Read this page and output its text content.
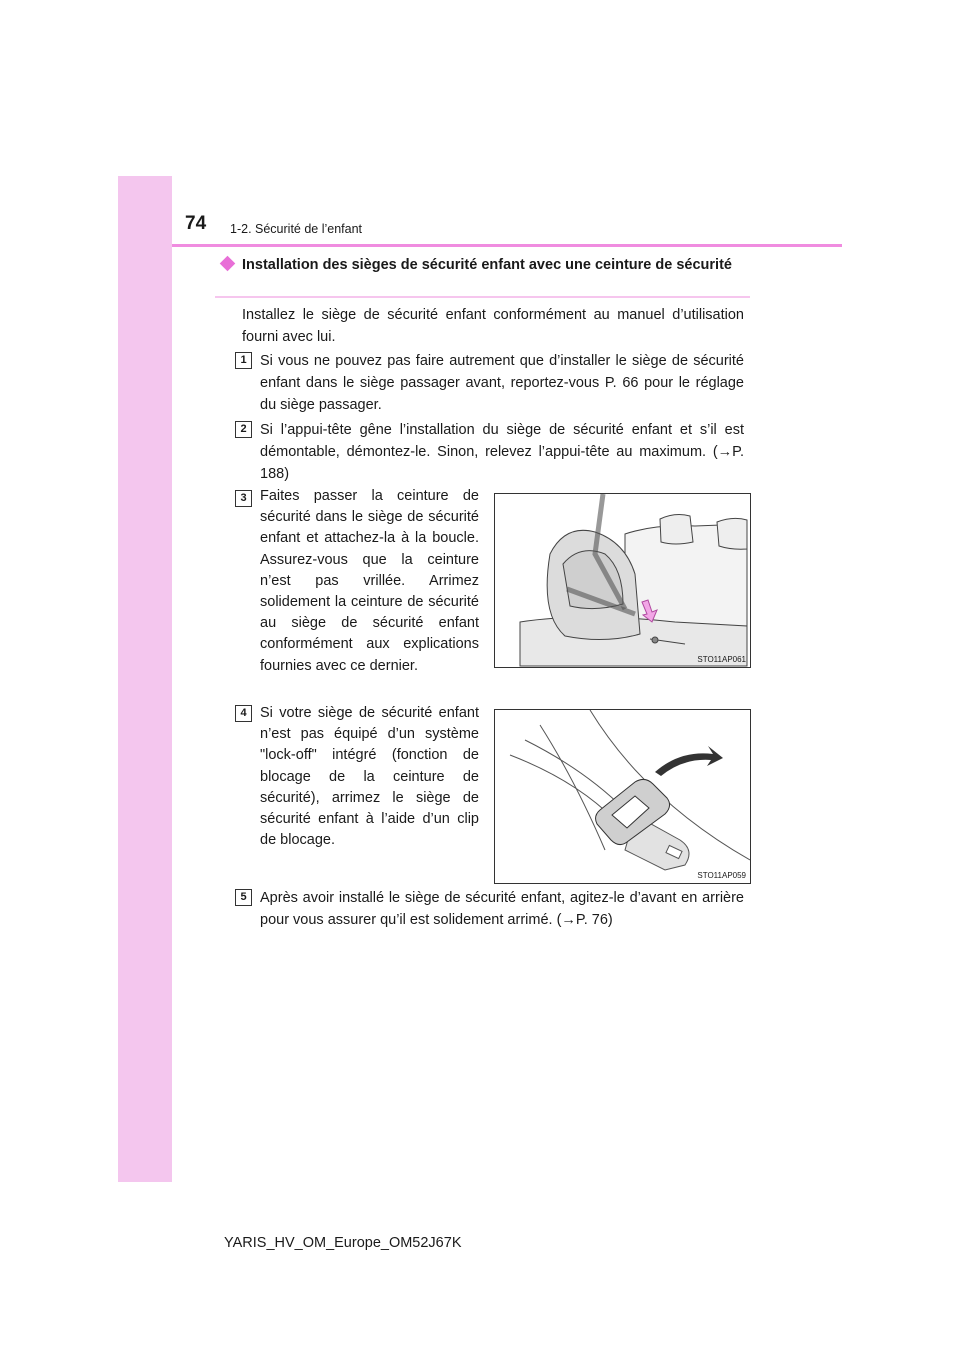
74 1-2. Sécurité de l’enfant
Installation des sièges de sécurité enfant avec une ceinture de sécurité
Installez le siège de sécurité enfant conformément au manuel d’utilisation fourni avec lui.
1 Si vous ne pouvez pas faire autrement que d’installer le siège de sécurité enfant dans le siège passager avant, reportez-vous P. 66 pour le réglage du siège passager.
2 Si l’appui-tête gêne l’installation du siège de sécurité enfant et s’il est démontable, démontez-le. Sinon, relevez l’appui-tête au maximum. (→P. 188)
3 Faites passer la ceinture de sécurité dans le siège de sécurité enfant et attachez-la à la boucle. Assurez-vous que la ceinture n’est pas vrillée. Arrimez solidement la ceinture de sécurité au siège de sécurité enfant conformément aux explications fournies avec ce dernier.	STO11AP061
4 Si votre siège de sécurité enfant n’est pas équipé d’un système "lock-off" intégré (fonction de blocage de la ceinture de sécurité), arrimez le siège de sécurité enfant à l’aide d’un clip de blocage.
STO11AP059
5 Après avoir installé le siège de sécurité enfant, agitez-le d’avant en arrière pour vous assurer qu’il est solidement arrimé. (→P. 76)
YARIS_HV_OM_Europe_OM52J67K
